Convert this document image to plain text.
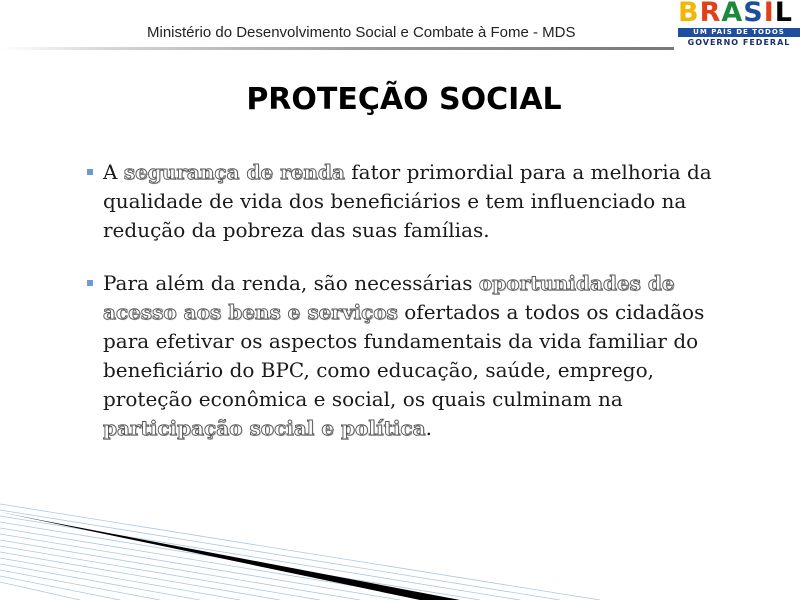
Ministério do Desenvolvimento Social e Combate à Fome - MDS
BRASIL
UM PAÍS DE TODOS
GOVERNO FEDERAL
PROTEÇÃO SOCIAL
A segurança de renda fator primordial para a melhoria da qualidade de vida dos beneficiários e tem influenciado na redução da pobreza das suas famílias.
Para além da renda, são necessárias oportunidades de acesso aos bens e serviços ofertados a todos os cidadãos para efetivar os aspectos fundamentais da vida familiar do beneficiário do BPC, como educação, saúde, emprego, proteção econômica e social, os quais culminam na participação social e política.
